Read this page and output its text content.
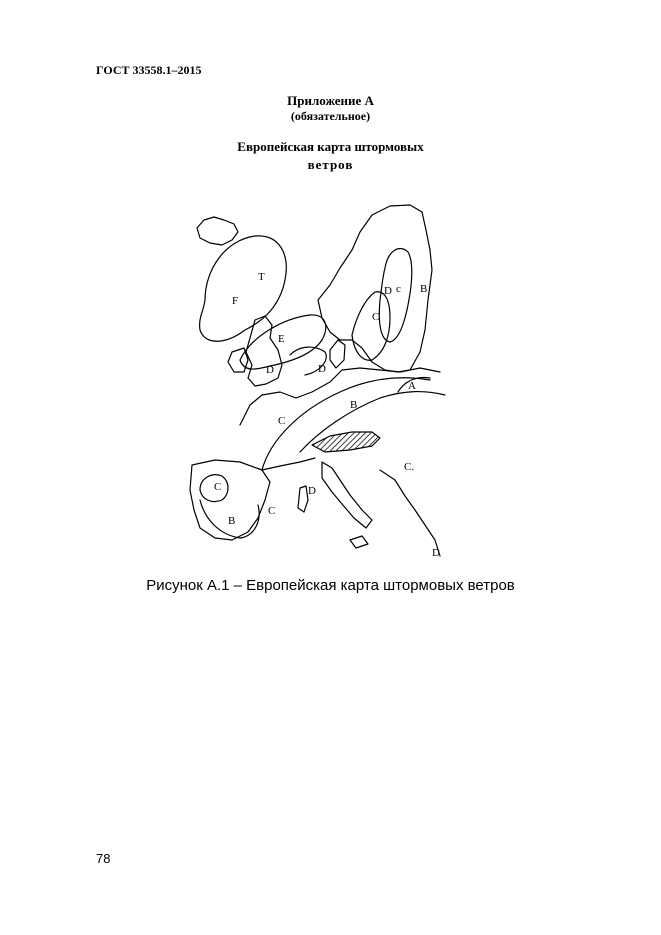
ГОСТ 33558.1–2015
Приложение А
(обязательное)
Европейская карта штормовых
ветров
F
T
E
D	D
D c B
C
B
A
C
C.
C
B
C
D
D
Рисунок А.1 – Европейская карта штормовых ветров
78
